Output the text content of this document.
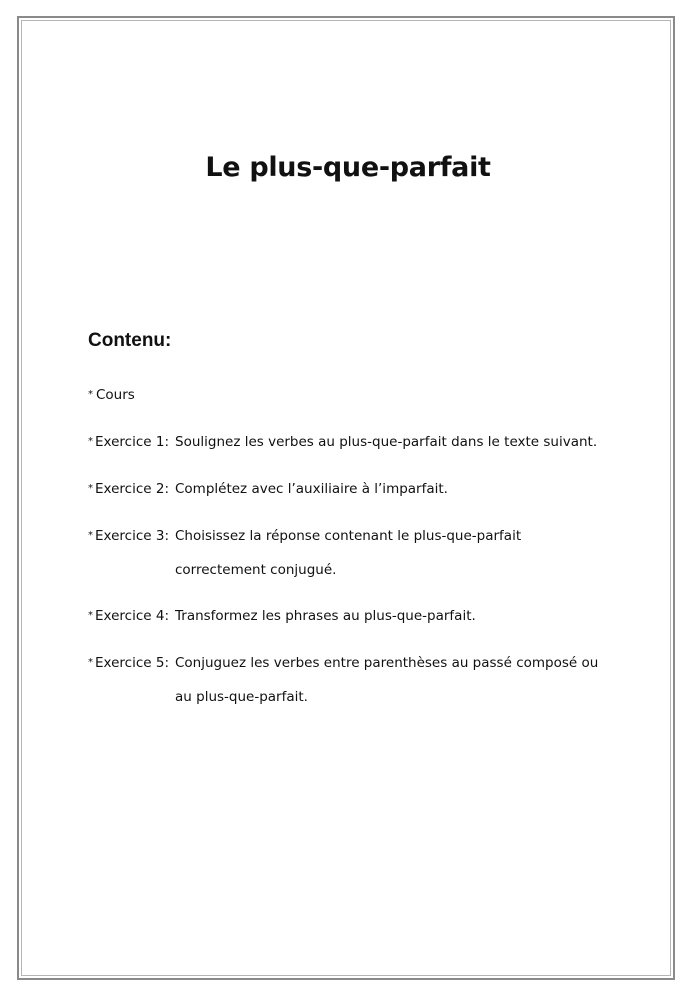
Le plus-que-parfait
Contenu:
* Cours
* Exercice 1: Soulignez les verbes au plus-que-parfait dans le texte suivant.
* Exercice 2: Complétez avec l’auxiliaire à l’imparfait.
* Exercice 3: Choisissez la réponse contenant le plus-que-parfait
correctement conjugué.
* Exercice 4: Transformez les phrases au plus-que-parfait.
* Exercice 5: Conjuguez les verbes entre parenthèses au passé composé ou
au plus-que-parfait.
